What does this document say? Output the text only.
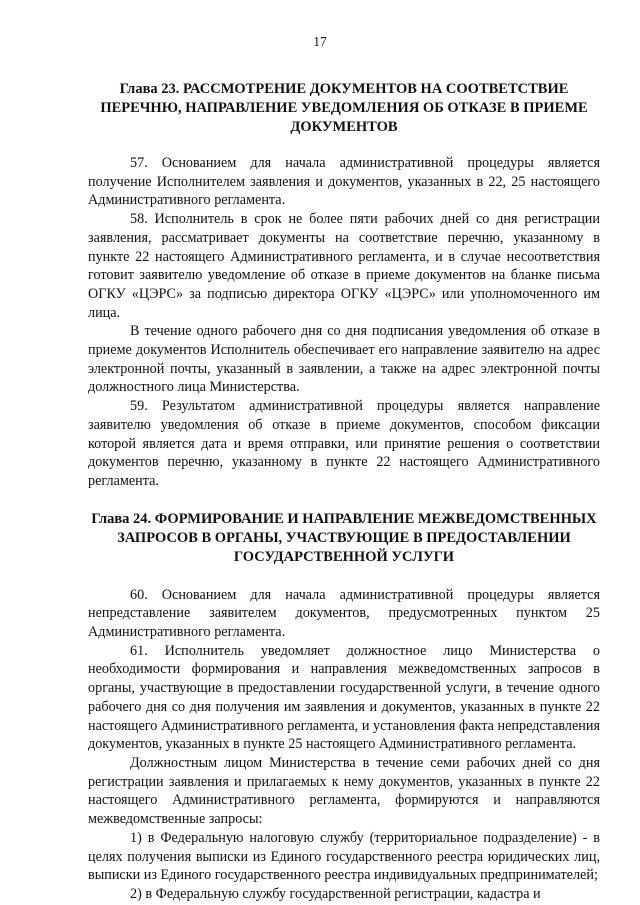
17
Глава 23. РАССМОТРЕНИЕ ДОКУМЕНТОВ НА СООТВЕТСТВИЕ ПЕРЕЧНЮ, НАПРАВЛЕНИЕ УВЕДОМЛЕНИЯ ОБ ОТКАЗЕ В ПРИЕМЕ ДОКУМЕНТОВ

57. Основанием для начала административной процедуры является получение Исполнителем заявления и документов, указанных в 22, 25 настоящего Административного регламента.

58. Исполнитель в срок не более пяти рабочих дней со дня регистрации заявления, рассматривает документы на соответствие перечню, указанному в пункте 22 настоящего Административного регламента, и в случае несоответствия готовит заявителю уведомление об отказе в приеме документов на бланке письма ОГКУ «ЦЭРС» за подписью директора ОГКУ «ЦЭРС» или уполномоченного им лица.

В течение одного рабочего дня со дня подписания уведомления об отказе в приеме документов Исполнитель обеспечивает его направление заявителю на адрес электронной почты, указанный в заявлении, а также на адрес электронной почты должностного лица Министерства.

59. Результатом административной процедуры является направление заявителю уведомления об отказе в приеме документов, способом фиксации которой является дата и время отправки, или принятие решения о соответствии документов перечню, указанному в пункте 22 настоящего Административного регламента.

Глава 24. ФОРМИРОВАНИЕ И НАПРАВЛЕНИЕ МЕЖВЕДОМСТВЕННЫХ ЗАПРОСОВ В ОРГАНЫ, УЧАСТВУЮЩИЕ В ПРЕДОСТАВЛЕНИИ ГОСУДАРСТВЕННОЙ УСЛУГИ

60. Основанием для начала административной процедуры является непредставление заявителем документов, предусмотренных пунктом 25 Административного регламента.

61. Исполнитель уведомляет должностное лицо Министерства о необходимости формирования и направления межведомственных запросов в органы, участвующие в предоставлении государственной услуги, в течение одного рабочего дня со дня получения им заявления и документов, указанных в пункте 22 настоящего Административного регламента, и установления факта непредставления документов, указанных в пункте 25 настоящего Административного регламента.

Должностным лицом Министерства в течение семи рабочих дней со дня регистрации заявления и прилагаемых к нему документов, указанных в пункте 22 настоящего Административного регламента, формируются и направляются межведомственные запросы:

1) в Федеральную налоговую службу (территориальное подразделение) - в целях получения выписки из Единого государственного реестра юридических лиц, выписки из Единого государственного реестра индивидуальных предпринимателей;

2) в Федеральную службу государственной регистрации, кадастра и
